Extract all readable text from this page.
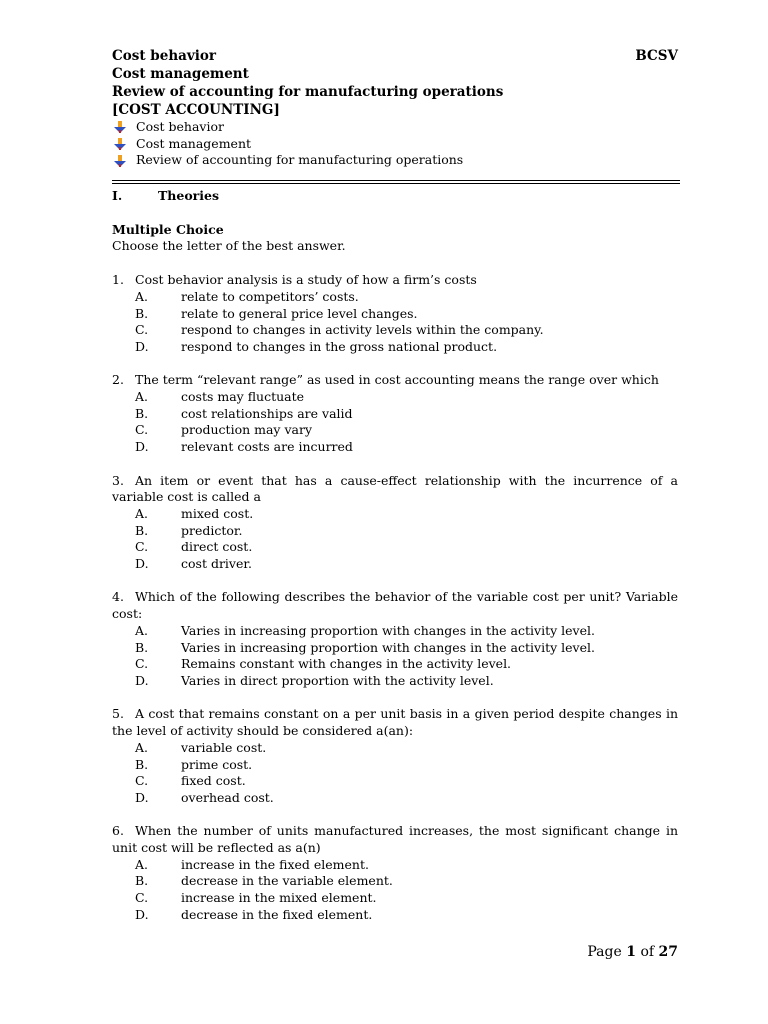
Cost behavior	BCSV
Cost management
Review of accounting for manufacturing operations
[COST ACCOUNTING]
Cost behavior
Cost management
Review of accounting for manufacturing operations
I.	Theories
Multiple Choice
Choose the letter of the best answer.
1. Cost behavior analysis is a study of how a firm’s costs
A.	relate to competitors’ costs.
B.	relate to general price level changes.
C.	respond to changes in activity levels within the company.
D.	respond to changes in the gross national product.
2. The term “relevant range” as used in cost accounting means the range over which
A.	costs may fluctuate
B.	cost relationships are valid
C.	production may vary
D.	relevant costs are incurred
3. An item or event that has a cause-effect relationship with the incurrence of a variable cost is called a
A.	mixed cost.
B.	predictor.
C.	direct cost.
D.	cost driver.
4. Which of the following describes the behavior of the variable cost per unit? Variable cost:
A.	Varies in increasing proportion with changes in the activity level.
B.	Varies in increasing proportion with changes in the activity level.
C.	Remains constant with changes in the activity level.
D.	Varies in direct proportion with the activity level.
5. A cost that remains constant on a per unit basis in a given period despite changes in the level of activity should be considered a(an):
A.	variable cost.
B.	prime cost.
C.	fixed cost.
D.	overhead cost.
6. When the number of units manufactured increases, the most significant change in unit cost will be reflected as a(n)
A.	increase in the fixed element.
B.	decrease in the variable element.
C.	increase in the mixed element.
D.	decrease in the fixed element.
Page 1 of 27
